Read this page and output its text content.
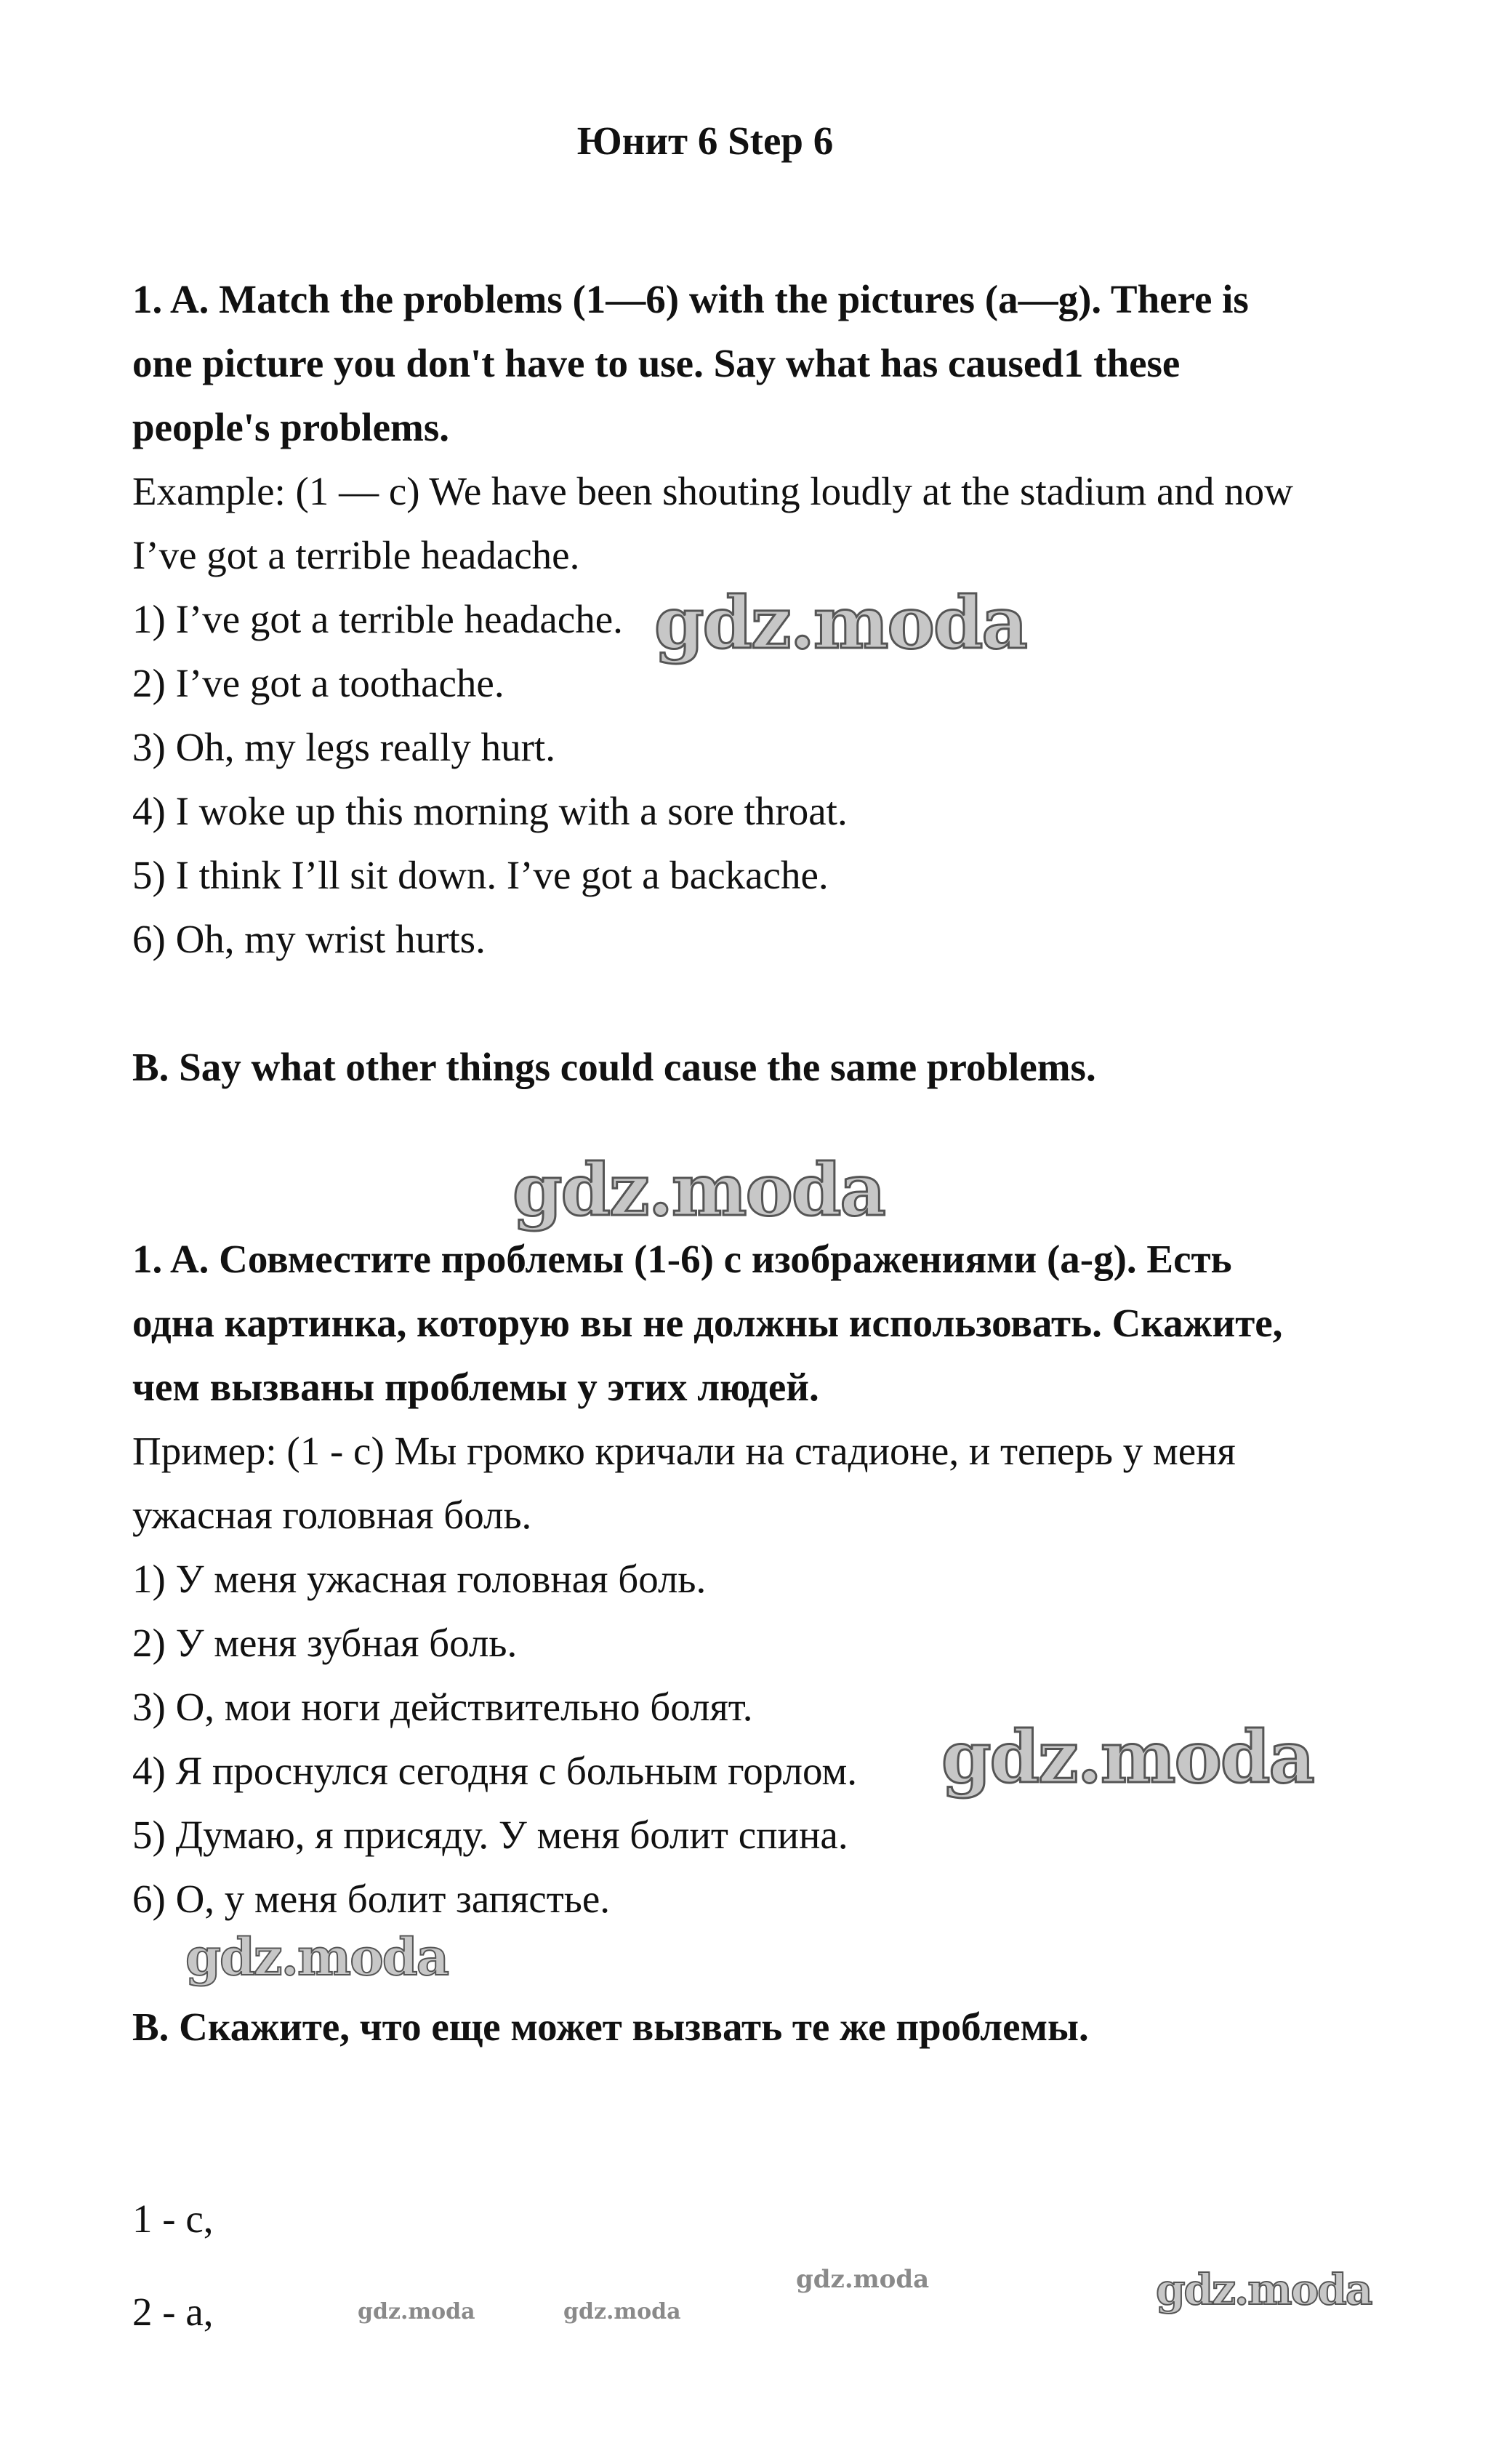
Юнит 6 Step 6
1. A. Match the problems (1—6) with the pictures (a—g). There is
one picture you don't have to use. Say what has caused1 these
people's problems.
Example: (1 — c) We have been shouting loudly at the stadium and now
I’ve got a terrible headache.
1) I’ve got a terrible headache.
2) I’ve got a toothache.
3) Oh, my legs really hurt.
4) I woke up this morning with a sore throat.
5) I think I’ll sit down. I’ve got a backache.
6) Oh, my wrist hurts.
B. Say what other things could cause the same problems.
1. A. Совместите проблемы (1-6) с изображениями (a-g). Есть
одна картинка, которую вы не должны использовать. Скажите,
чем вызваны проблемы у этих людей.
Пример: (1 - с) Мы громко кричали на стадионе, и теперь у меня
ужасная головная боль.
1) У меня ужасная головная боль.
2) У меня зубная боль.
3) О, мои ноги действительно болят.
4) Я проснулся сегодня с больным горлом.
5) Думаю, я присяду. У меня болит спина.
6) О, у меня болит запястье.
B. Скажите, что еще может вызвать те же проблемы.
1 - c,
2 - a,
gdz.moda
gdz.moda
gdz.moda
gdz.moda
gdz.moda
gdz.moda
gdz.moda	gdz.moda
